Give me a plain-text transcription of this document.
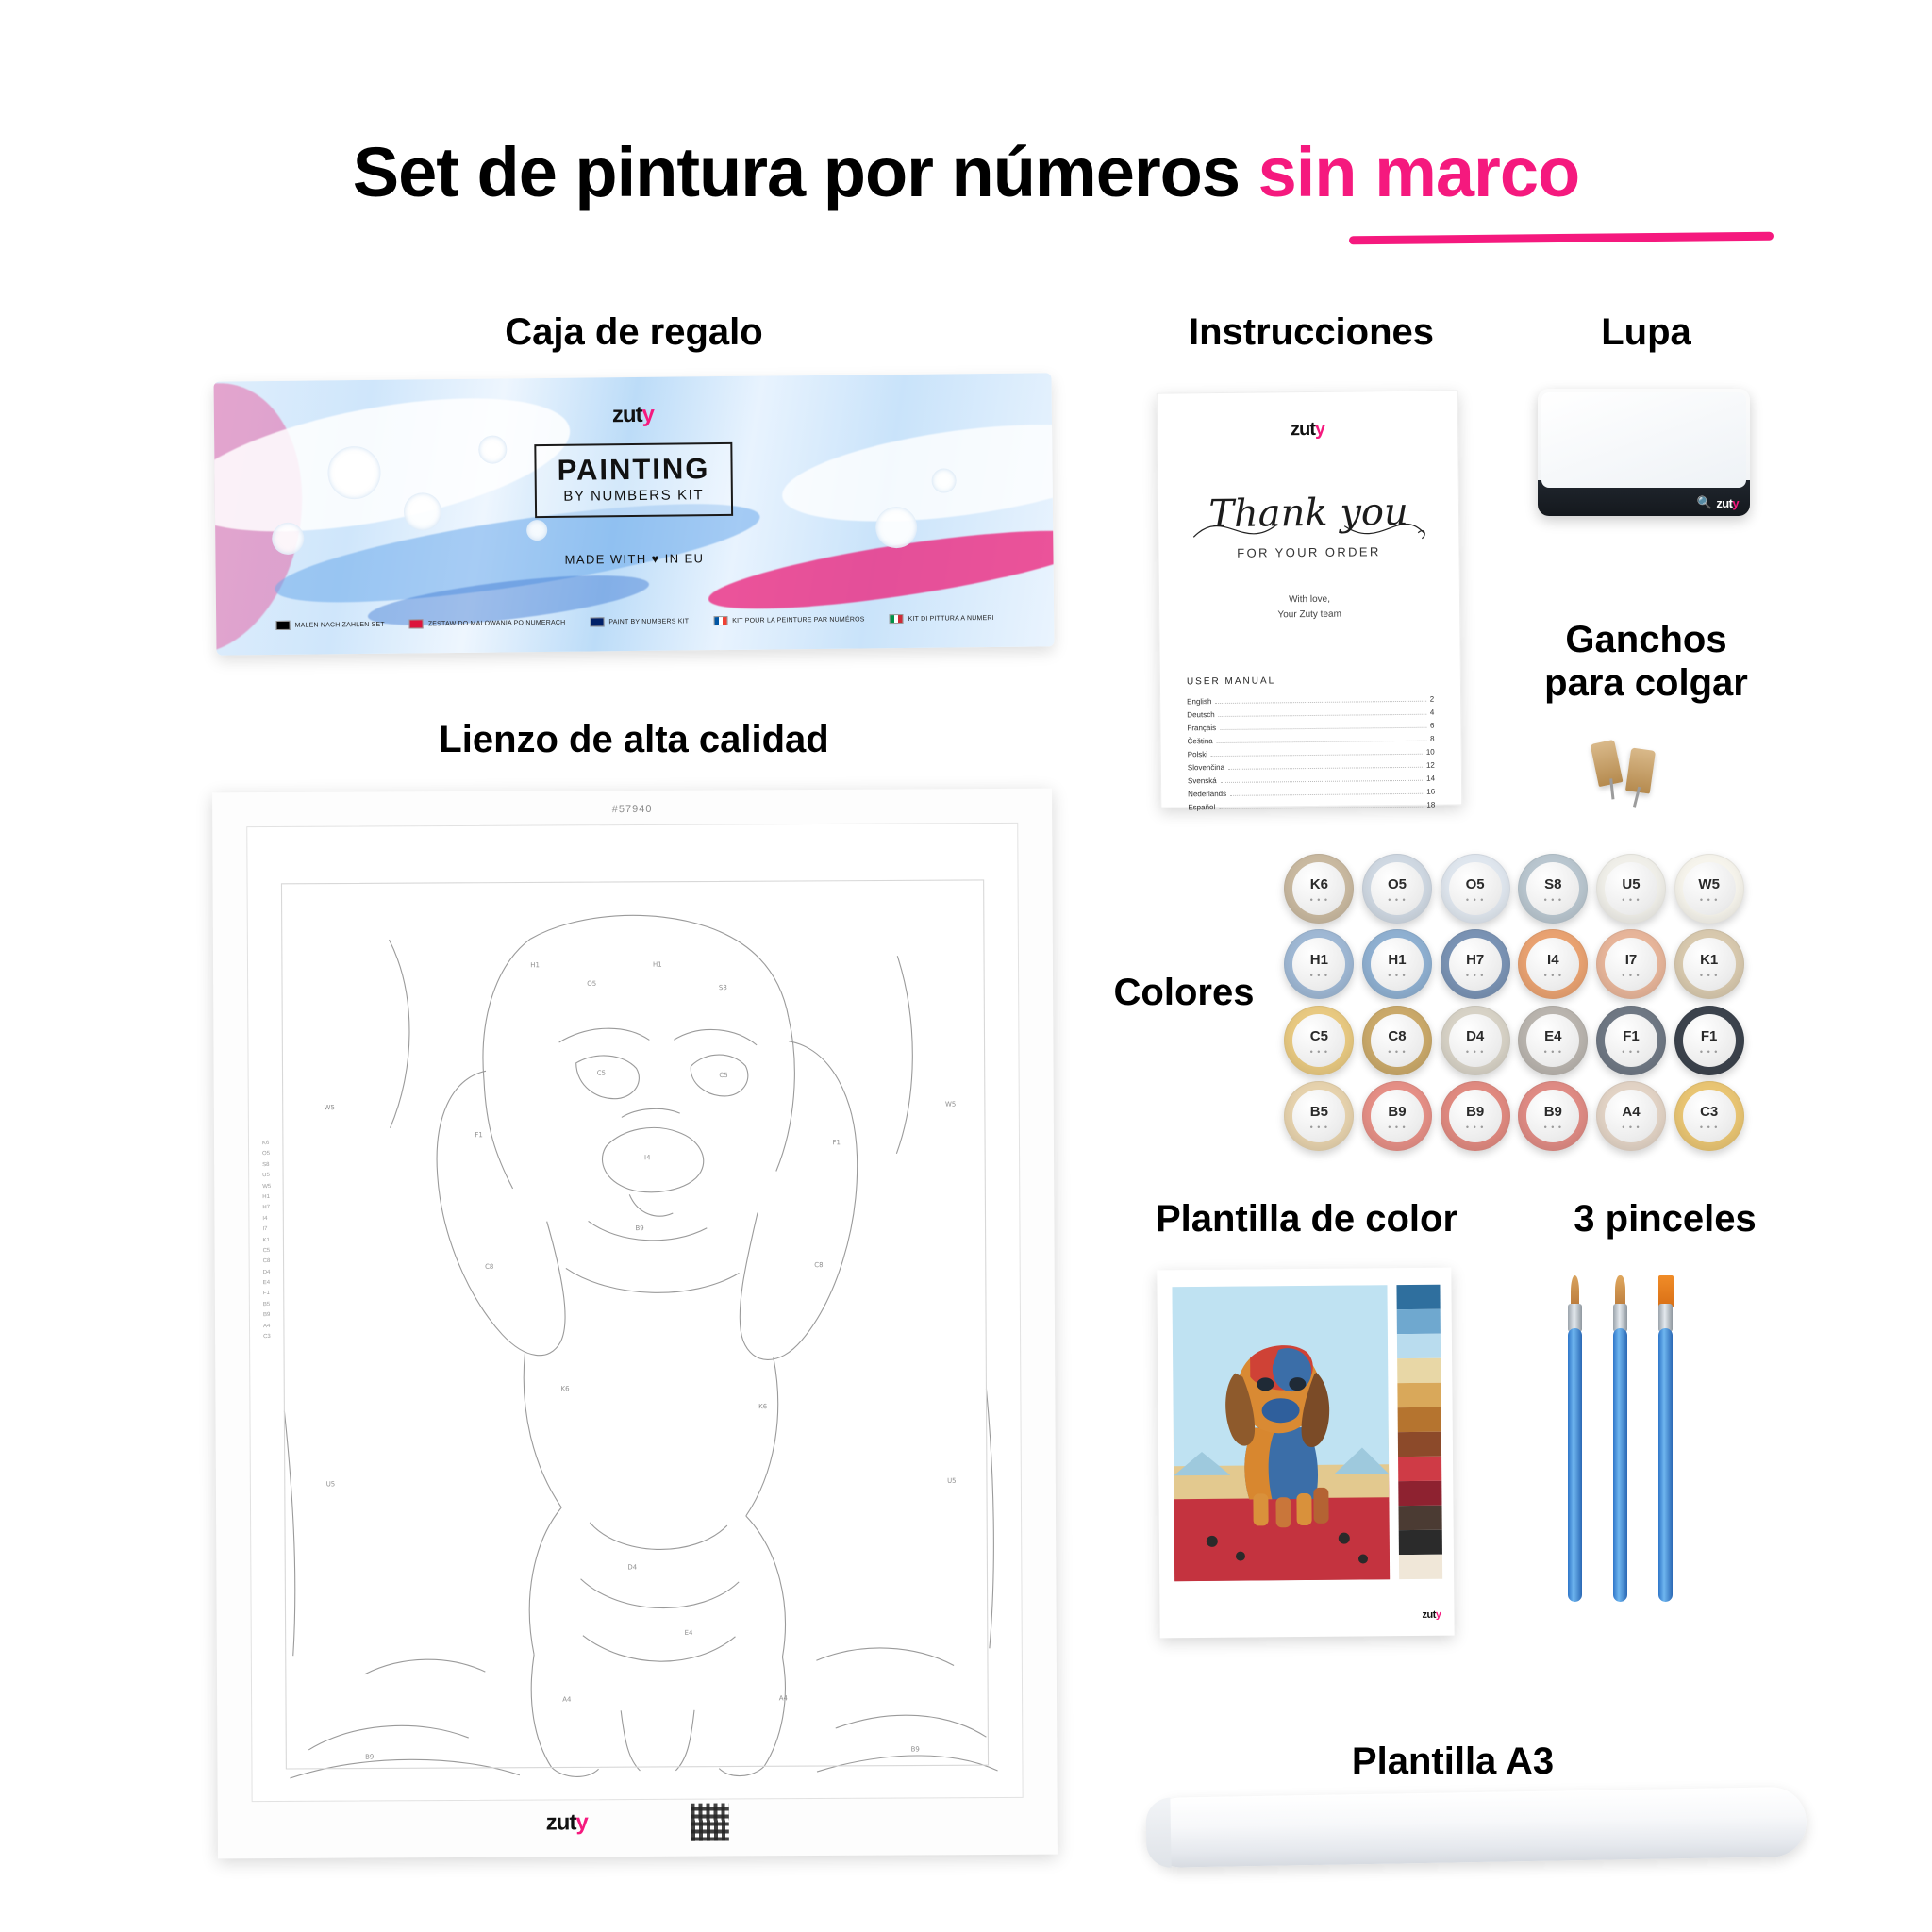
Set de pintura por números sin marco
Caja de regalo	Instrucciones	Lupa
Ganchos
para colgar
Lienzo de alta calidad
Colores
Plantilla de color	3 pinceles
Plantilla A3
zuty
PAINTING
BY NUMBERS KIT
MADE WITH ♥ IN EU
MALEN NACH ZAHLEN SET	ZESTAW DO MALOWANIA PO NUMERACH	PAINT BY NUMBERS KIT	KIT POUR LA PEINTURE PAR NUMÉROS	KIT DI PITTURA A NUMERI
#57940
K6
O5
S8
U5
W5
H1
H7
I4
I7
K1
C5
C8
D4
E4
F1
B5
B9
A4
C3
H1
O5
H1
S8
F1
F1
C5	C5
I4
B9
K6
K6
D4
E4
A4	A4
B9
B9
W5	W5
U5	U5
C8	C8
zuty
zuty
Thank you
FOR YOUR ORDER
With love,
Your Zuty team
USER MANUAL
English	2
Deutsch	4
Français	6
Čeština	8
Polski	10
Slovenčina	12
Svenská	14
Nederlands	16
Español	18
🔍 zuty
K6
• • •
O5
• • •
O5
• • •
S8
• • •
U5
• • •
W5
• • •
H1
• • •
H1
• • •
H7
• • •
I4
• • •
I7
• • •
K1
• • •
C5
• • •
C8
• • •
D4
• • •
E4
• • •
F1
• • •
F1
• • •
B5
• • •
B9
• • •
B9
• • •
B9
• • •
A4
• • •
C3
• • •
zuty
